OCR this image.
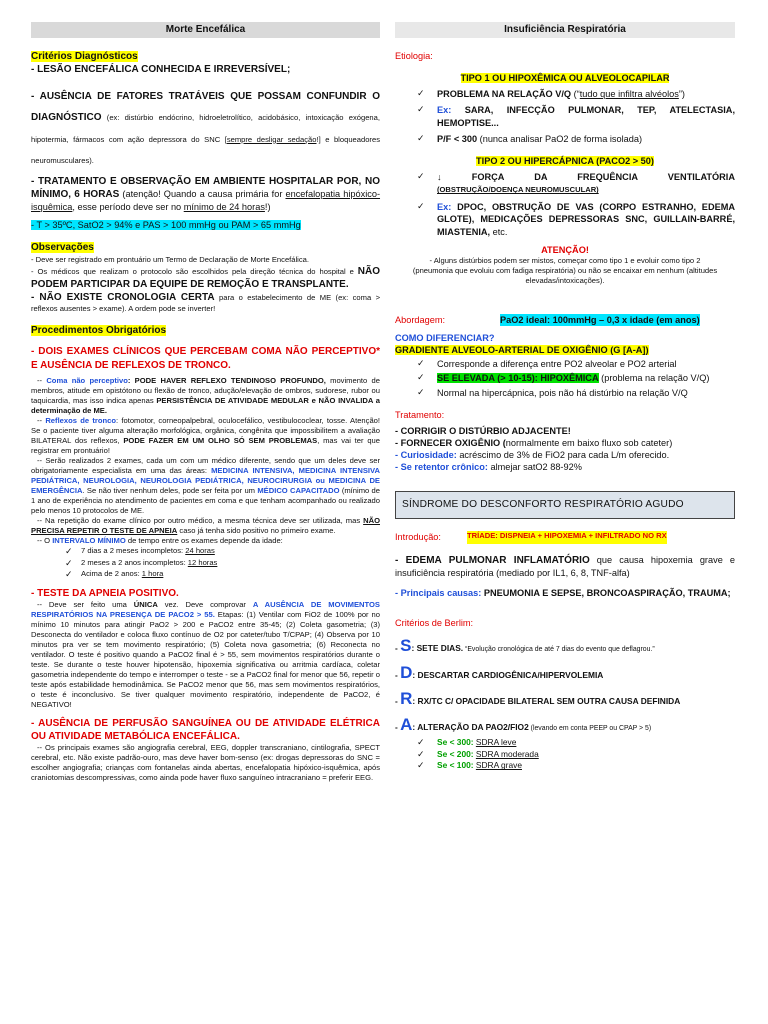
Morte Encefálica
Critérios Diagnósticos
- LESÃO ENCEFÁLICA CONHECIDA E IRREVERSÍVEL;
- AUSÊNCIA DE FATORES TRATÁVEIS QUE POSSAM CONFUNDIR O DIAGNÓSTICO (ex: distúrbio endócrino, hidroeletrolítico, acidobásico, intoxicação exógena, hipotermia, fármacos com ação depressora do SNC [sempre desligar sedação!] e bloqueadores neuromusculares).
- TRATAMENTO E OBSERVAÇÃO EM AMBIENTE HOSPITALAR POR, NO MÍNIMO, 6 HORAS (atenção! Quando a causa primária for encefalopatia hipóxico-isquêmica, esse período deve ser no mínimo de 24 horas!)
- T > 35ºC, SatO2 > 94% e PAS > 100 mmHg ou PAM > 65 mmHg
Observações
- Deve ser registrado em prontuário um Termo de Declaração de Morte Encefálica.
- Os médicos que realizam o protocolo são escolhidos pela direção técnica do hospital e NÃO PODEM PARTICIPAR DA EQUIPE DE REMOÇÃO E TRANSPLANTE.
- NÃO EXISTE CRONOLOGIA CERTA para o estabelecimento de ME (ex: coma > reflexos ausentes > exame). A ordem pode se inverter!
Procedimentos Obrigatórios
- DOIS EXAMES CLÍNICOS QUE PERCEBAM COMA NÃO PERCEPTIVO* E AUSÊNCIA DE REFLEXOS DE TRONCO.
-- Coma não perceptivo: PODE HAVER REFLEXO TENDINOSO PROFUNDO, movimento de membros, atitude em opistótono ou flexão de tronco, adução/elevação de ombros, sudorese, rubor ou taquicardia, mas isso indica apenas PERSISTÊNCIA DE ATIVIDADE MEDULAR e NÃO INVALIDA a determinação de ME.
-- Reflexos de tronco: fotomotor, corneopalpebral, oculocefálico, vestibulococlear, tosse. Atenção! Se o paciente tiver alguma alteração morfológica, orgânica, congênita que impossibilitem a avaliação BILATERAL dos reflexos, PODE FAZER EM UM OLHO SÓ SEM PROBLEMAS, mas vai ter que registrar em prontuário!
-- Serão realizados 2 exames, cada um com um médico diferente, sendo que um deles deve ser obrigatoriamente especialista em uma das áreas: MEDICINA INTENSIVA, MEDICINA INTENSIVA PEDIÁTRICA, NEUROLOGIA, NEUROLOGIA PEDIÁTRICA, NEUROCIRURGIA ou MEDICINA DE EMERGÊNCIA. Se não tiver nenhum deles, pode ser feita por um MÉDICO CAPACITADO (mínimo de 1 ano de experiência no atendimento de pacientes em coma e que tenham acompanhado ou realizado pelo menos 10 protocolos de ME.
-- Na repetição do exame clínico por outro médico, a mesma técnica deve ser utilizada, mas NÃO PRECISA REPETIR O TESTE DE APNEIA caso já tenha sido positivo no primeiro exame.
-- O INTERVALO MÍNIMO de tempo entre os exames depende da idade:
✓	7 dias a 2 meses incompletos: 24 horas
✓	2 meses a 2 anos incompletos: 12 horas
✓	Acima de 2 anos: 1 hora
- TESTE DA APNEIA POSITIVO.
-- Deve ser feito uma ÚNICA vez. Deve comprovar A AUSÊNCIA DE MOVIMENTOS RESPIRATÓRIOS NA PRESENÇA DE PACO2 > 55. Etapas: (1) Ventilar com FiO2 de 100% por no mínimo 10 minutos para atingir PaO2 > 200 e PaCO2 entre 35-45; (2) Coleta gasometria; (3) Desconecta do ventilador e coloca fluxo contínuo de O2 por cateter/tubo T/CPAP; (4) Observa por 10 minutos pra ver se tem movimento respiratório; (5) Coleta nova gasometria; (6) Reconecta no ventilador. O teste é positivo quando a PaCO2 final é > 55, sem movimentos respiratórios durante o teste. Se durante o teste houver hipotensão, hipoxemia significativa ou arritmia cardíaca, coletar gasometria independente do tempo e interromper o teste - se a PaCO2 final for menor que 56, repetir o teste após estabilidade hemodinâmica. Se PaCO2 menor que 56, mas sem movimentos respiratórios, o teste é inconclusivo. Se tiver qualquer movimento respiratório, independente de PaCO2, é NEGATIVO!
- AUSÊNCIA DE PERFUSÃO SANGUÍNEA OU DE ATIVIDADE ELÉTRICA OU ATIVIDADE METABÓLICA ENCEFÁLICA.
-- Os principais exames são angiografia cerebral, EEG, doppler transcraniano, cintilografia, SPECT cerebral, etc. Não existe padrão-ouro, mas deve haver bom-senso (ex: drogas depressoras do SNC = escolher angiografia; crianças com fontanelas ainda abertas, encefalopatia hipóxico-isquêmica, após craniotomias descompressivas, como ainda pode haver fluxo sanguíneo intracraniano = preferir EEG.
Insuficiência Respiratória
Etiologia:
TIPO 1 OU HIPOXÊMICA OU ALVEOLOCAPILAR
✓	PROBLEMA NA RELAÇÃO V/Q (“tudo que infiltra alvéolos”)
✓	Ex: SARA, INFECÇÃO PULMONAR, TEP, ATELECTASIA, HEMOPTISE...
✓	P/F < 300 (nunca analisar PaO2 de forma isolada)
TIPO 2 OU HIPERCÁPNICA (PACO2 > 50)
✓	↓ FORÇA DA FREQUÊNCIA VENTILATÓRIA
(OBSTRUÇÃO/DOENÇA NEUROMUSCULAR)
✓	Ex: DPOC, OBSTRUÇÃO DE VAS (CORPO ESTRANHO, EDEMA GLOTE), MEDICAÇÕES DEPRESSORAS SNC, GUILLAIN-BARRÉ, MIASTENIA, etc.
ATENÇÃO!
- Alguns distúrbios podem ser mistos, começar como tipo 1 e evoluir como tipo 2 (pneumonia que evoluiu com fadiga respiratória) ou não se encaixar em nenhum (altitudes elevadas/intoxicações).
Abordagem:	PaO2 ideal: 100mmHg – 0,3 x idade (em anos)
COMO DIFERENCIAR?
GRADIENTE ALVEOLO-ARTERIAL DE OXIGÊNIO (G [A-A])
✓	Corresponde a diferença entre PO2 alveolar e PO2 arterial
✓	SE ELEVADA (> 10-15): HIPOXÊMICA (problema na relação V/Q)
✓	Normal na hipercápnica, pois não há distúrbio na relação V/Q
Tratamento:
- CORRIGIR O DISTÚRBIO ADJACENTE!
- FORNECER OXIGÊNIO (normalmente em baixo fluxo sob cateter)
- Curiosidade: acréscimo de 3% de FiO2 para cada L/m oferecido.
- Se retentor crônico: almejar satO2 88-92%
SÍNDROME DO DESCONFORTO RESPIRATÓRIO AGUDO
Introdução:	TRÍADE: DISPNEIA + HIPOXEMIA + INFILTRADO NO RX
- EDEMA PULMONAR INFLAMATÓRIO que causa hipoxemia grave e insuficiência respiratória (mediado por IL1, 6, 8, TNF-alfa)
- Principais causas: PNEUMONIA E SEPSE, BRONCOASPIRAÇÃO, TRAUMA;
Critérios de Berlim:
- S: SETE DIAS. “Evolução cronológica de até 7 dias do evento que deflagrou.”
- D: DESCARTAR CARDIOGÊNICA/HIPERVOLEMIA
- R: RX/TC C/ OPACIDADE BILATERAL SEM OUTRA CAUSA DEFINIDA
- A: ALTERAÇÃO DA PAO2/FIO2 (levando em conta PEEP ou CPAP > 5)
✓	Se < 300: SDRA leve
✓	Se < 200: SDRA moderada
✓	Se < 100: SDRA grave
